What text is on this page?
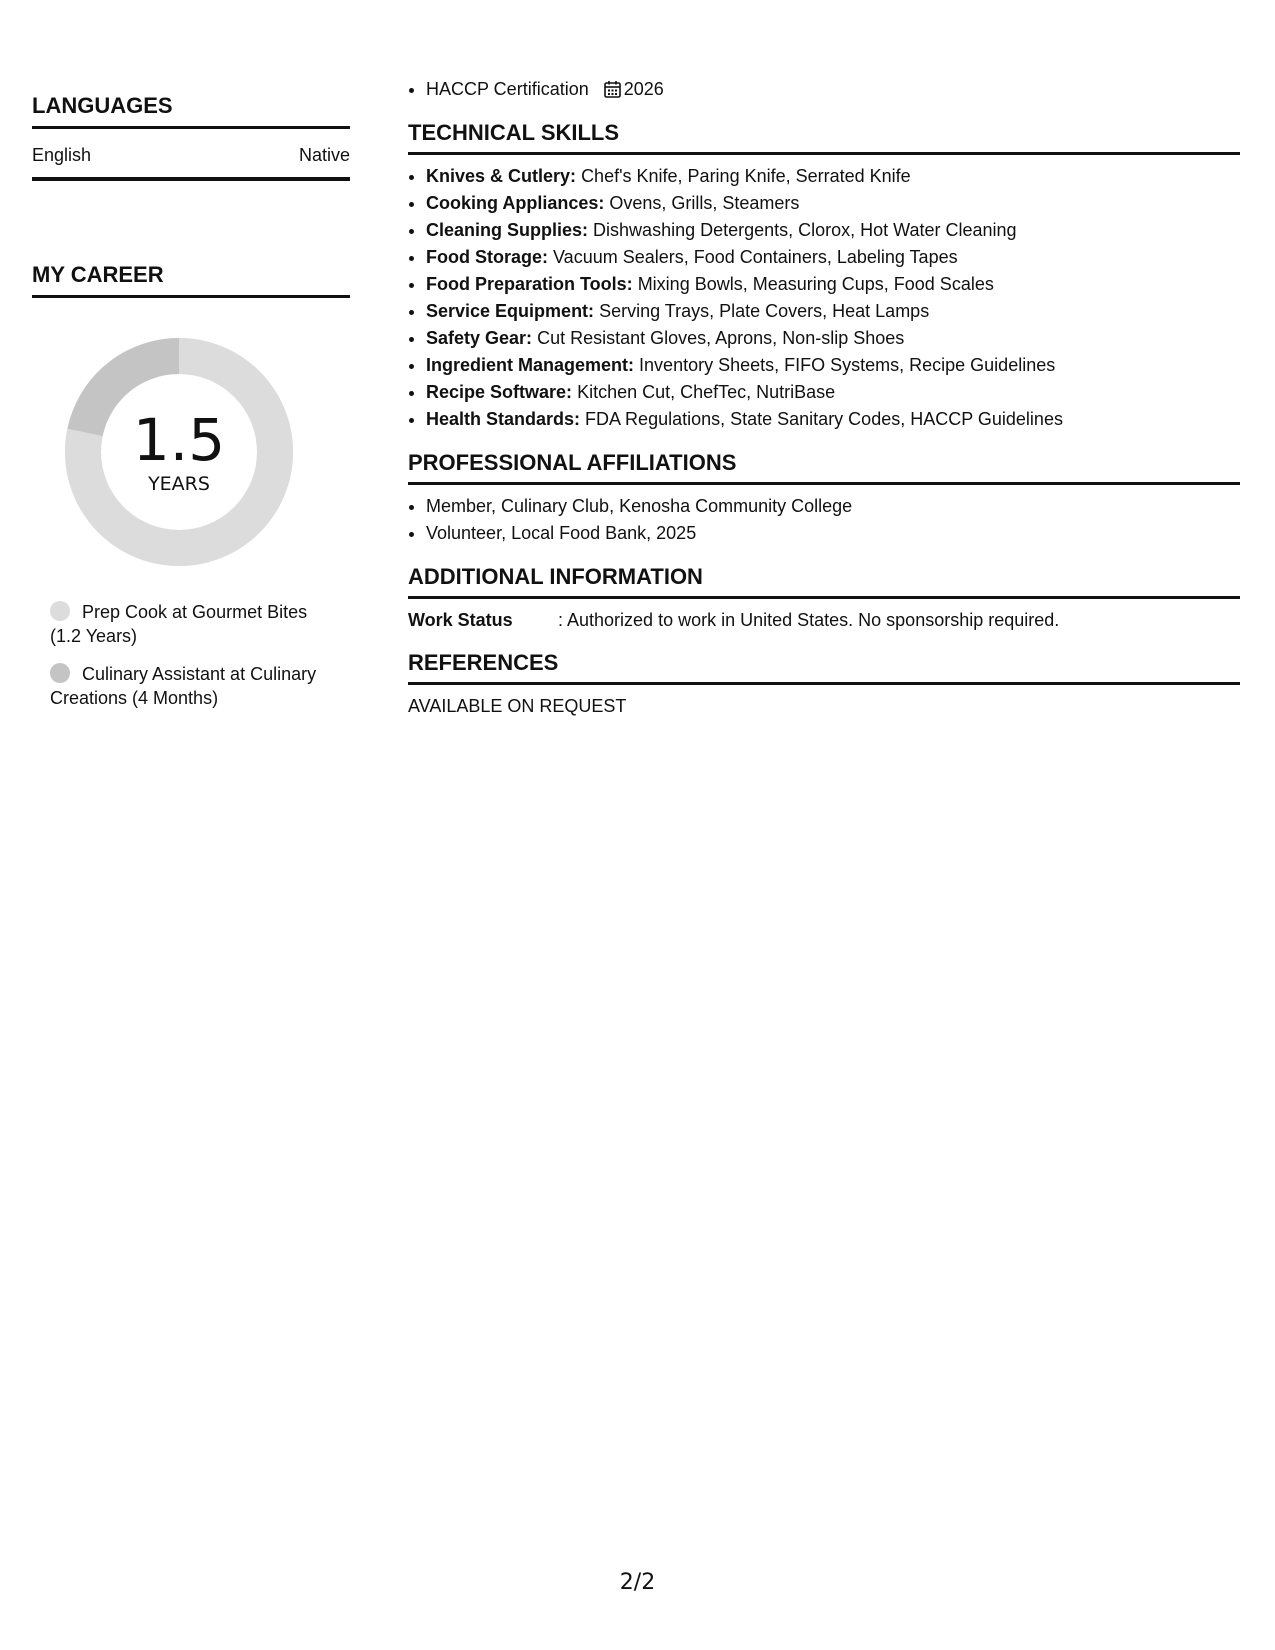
LANGUAGES
English	Native
MY CAREER
1.5
YEARS
Prep Cook at Gourmet Bites (1.2 Years)
Culinary Assistant at Culinary Creations (4 Months)
• HACCP Certification 2026
TECHNICAL SKILLS
• Knives & Cutlery: Chef's Knife, Paring Knife, Serrated Knife
• Cooking Appliances: Ovens, Grills, Steamers
• Cleaning Supplies: Dishwashing Detergents, Clorox, Hot Water Cleaning
• Food Storage: Vacuum Sealers, Food Containers, Labeling Tapes
• Food Preparation Tools: Mixing Bowls, Measuring Cups, Food Scales
• Service Equipment: Serving Trays, Plate Covers, Heat Lamps
• Safety Gear: Cut Resistant Gloves, Aprons, Non-slip Shoes
• Ingredient Management: Inventory Sheets, FIFO Systems, Recipe Guidelines
• Recipe Software: Kitchen Cut, ChefTec, NutriBase
• Health Standards: FDA Regulations, State Sanitary Codes, HACCP Guidelines
PROFESSIONAL AFFILIATIONS
• Member, Culinary Club, Kenosha Community College
• Volunteer, Local Food Bank, 2025
ADDITIONAL INFORMATION
Work Status	: Authorized to work in United States. No sponsorship required.
REFERENCES
AVAILABLE ON REQUEST
2/2
